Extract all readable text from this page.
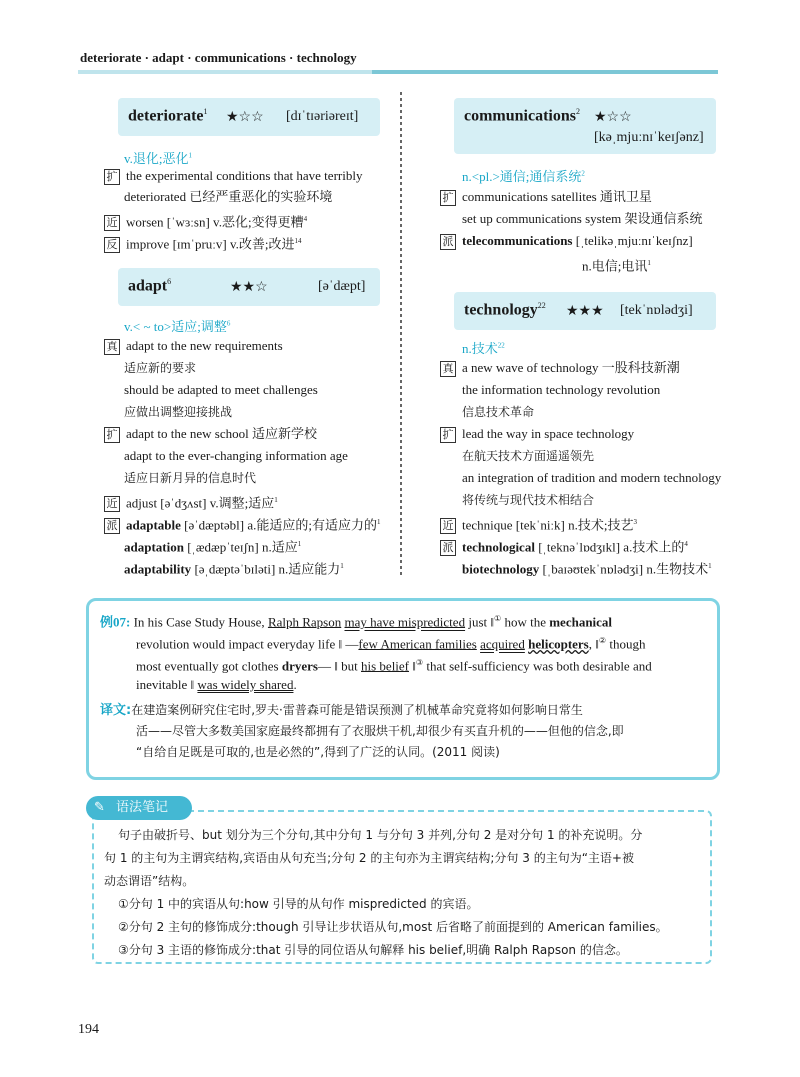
deteriorate · adapt · communications · technology
deteriorate$^1$ ★☆☆ [dɪˈtɪəriəreɪt]
v.退化;恶化$^1$
扩 the experimental conditions that have terribly
deteriorated 已经严重恶化的实验环境
近 worsen [ˈwɜːsn] v.恶化;变得更糟$^4$
反 improve [ɪmˈpruːv] v.改善;改进$^{14}$
adapt$^6$	★★☆	[əˈdæpt]
v.< ~ to>适应;调整$^6$
真 adapt to the new requirements
适应新的要求
should be adapted to meet challenges
应做出调整迎接挑战
扩 adapt to the new school 适应新学校
adapt to the ever-changing information age
适应日新月异的信息时代
近 adjust [əˈdʒʌst] v.调整;适应$^1$
派 adaptable [əˈdæptəbl] a.能适应的;有适应力的$^1$
adaptation [ˌædæpˈteɪʃn] n.适应$^1$
adaptability [əˌdæptəˈbɪləti] n.适应能力$^1$
communications$^2$ ★☆☆
[kəˌmjuːnɪˈkeɪʃənz]
n.<pl.>通信;通信系统$^2$
扩 communications satellites 通讯卫星
set up communications system 架设通信系统
派 telecommunications [ˌtelikəˌmjuːnɪˈkeɪʃnz]
n.电信;电讯$^1$
technology$^{22}$ ★★★ [tekˈnɒlədʒi]
n.技术$^{22}$
真 a new wave of technology 一股科技新潮
the information technology revolution
信息技术革命
扩 lead the way in space technology
在航天技术方面遥遥领先
an integration of tradition and modern technology
将传统与现代技术相结合
近 technique [tekˈniːk] n.技术;技艺$^3$
派 technological [ˌteknəˈlɒdʒɪkl] a.技术上的$^4$
biotechnology [ˌbaɪəʊtekˈnɒlədʒi] n.生物技术$^1$
例07: In his Case Study House, Ralph Rapson may have mispredicted just ‖① how the mechanical
revolution would impact everyday life ‖ —few American families acquired helicopters, ‖② though
most eventually got clothes dryers— ‖ but his belief ‖③ that self-sufficiency was both desirable and
inevitable ‖ was widely shared.
译文:在建造案例研究住宅时,罗夫·雷普森可能是错误预测了机械革命究竟将如何影响日常生
活——尽管大多数美国家庭最终都拥有了衣服烘干机,却很少有买直升机的——但他的信念,即
“自给自足既是可取的,也是必然的”,得到了广泛的认同。(2011 阅读)
✎ 语法笔记
句子由破折号、but 划分为三个分句,其中分句 1 与分句 3 并列,分句 2 是对分句 1 的补充说明。分
句 1 的主句为主谓宾结构,宾语由从句充当;分句 2 的主句亦为主谓宾结构;分句 3 的主句为“主语+被
动态谓语”结构。
①分句 1 中的宾语从句:how 引导的从句作 mispredicted 的宾语。
②分句 2 主句的修饰成分:though 引导让步状语从句,most 后省略了前面提到的 American families。
③分句 3 主语的修饰成分:that 引导的同位语从句解释 his belief,明确 Ralph Rapson 的信念。
194
